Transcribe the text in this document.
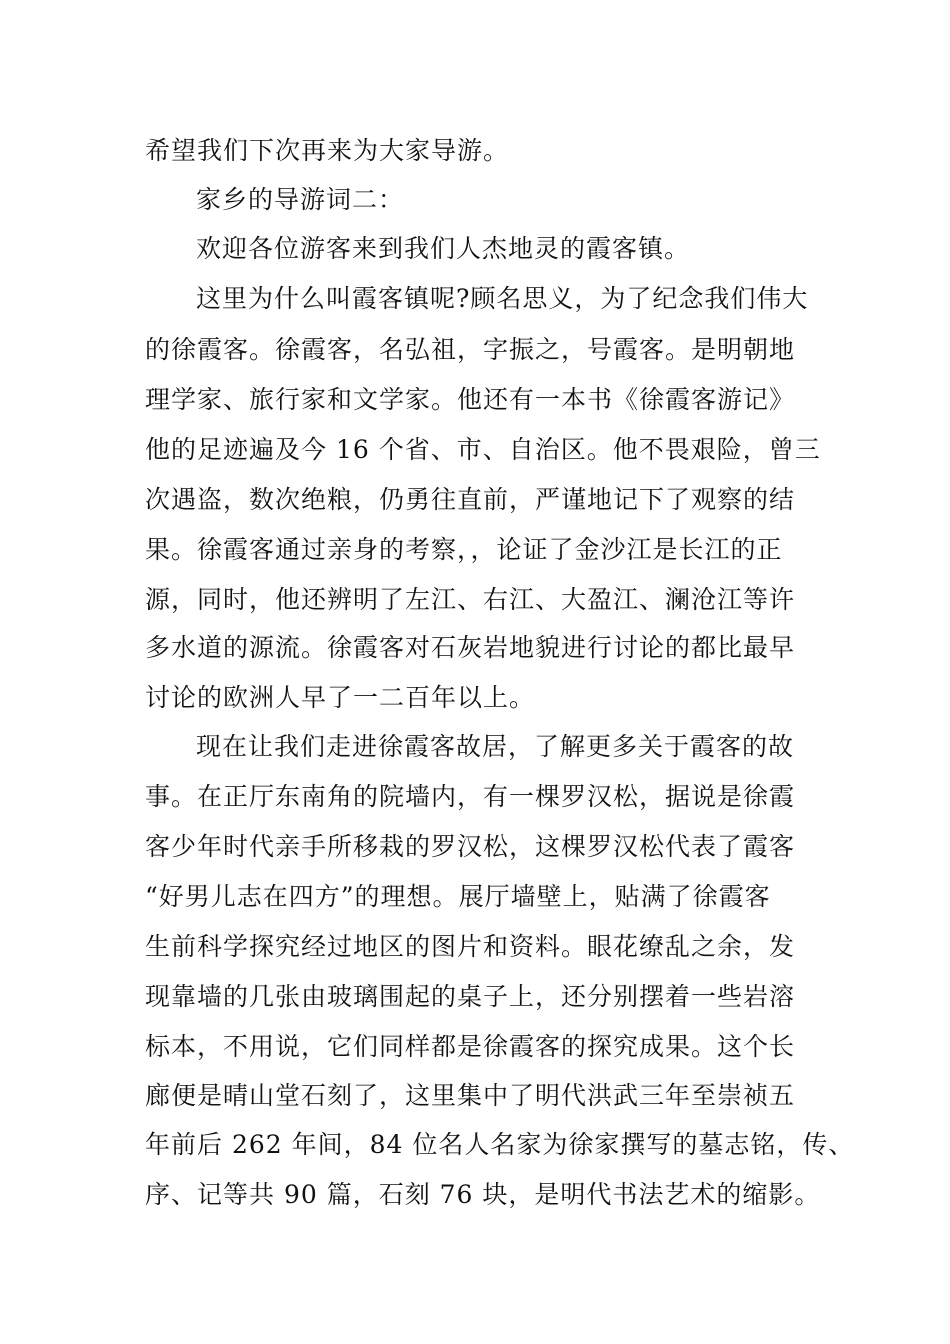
希望我们下次再来为大家导游。
家乡的导游词二：
欢迎各位游客来到我们人杰地灵的霞客镇。
这里为什么叫霞客镇呢?顾名思义，为了纪念我们伟大
的徐霞客。徐霞客，名弘祖，字振之，号霞客。是明朝地
理学家、旅行家和文学家。他还有一本书《徐霞客游记》
他的足迹遍及今 16 个省、市、自治区。他不畏艰险，曾三
次遇盗，数次绝粮，仍勇往直前，严谨地记下了观察的结
果。徐霞客通过亲身的考察，，论证了金沙江是长江的正
源，同时，他还辨明了左江、右江、大盈江、澜沧江等许
多水道的源流。徐霞客对石灰岩地貌进行讨论的都比最早
讨论的欧洲人早了一二百年以上。
现在让我们走进徐霞客故居，了解更多关于霞客的故
事。在正厅东南角的院墙内，有一棵罗汉松，据说是徐霞
客少年时代亲手所移栽的罗汉松，这棵罗汉松代表了霞客
“好男儿志在四方”的理想。展厅墙壁上，贴满了徐霞客
生前科学探究经过地区的图片和资料。眼花缭乱之余，发
现靠墙的几张由玻璃围起的桌子上，还分别摆着一些岩溶
标本，不用说，它们同样都是徐霞客的探究成果。这个长
廊便是晴山堂石刻了，这里集中了明代洪武三年至崇祯五
年前后 262 年间，84 位名人名家为徐家撰写的墓志铭，传、
序、记等共 90 篇，石刻 76 块，是明代书法艺术的缩影。
